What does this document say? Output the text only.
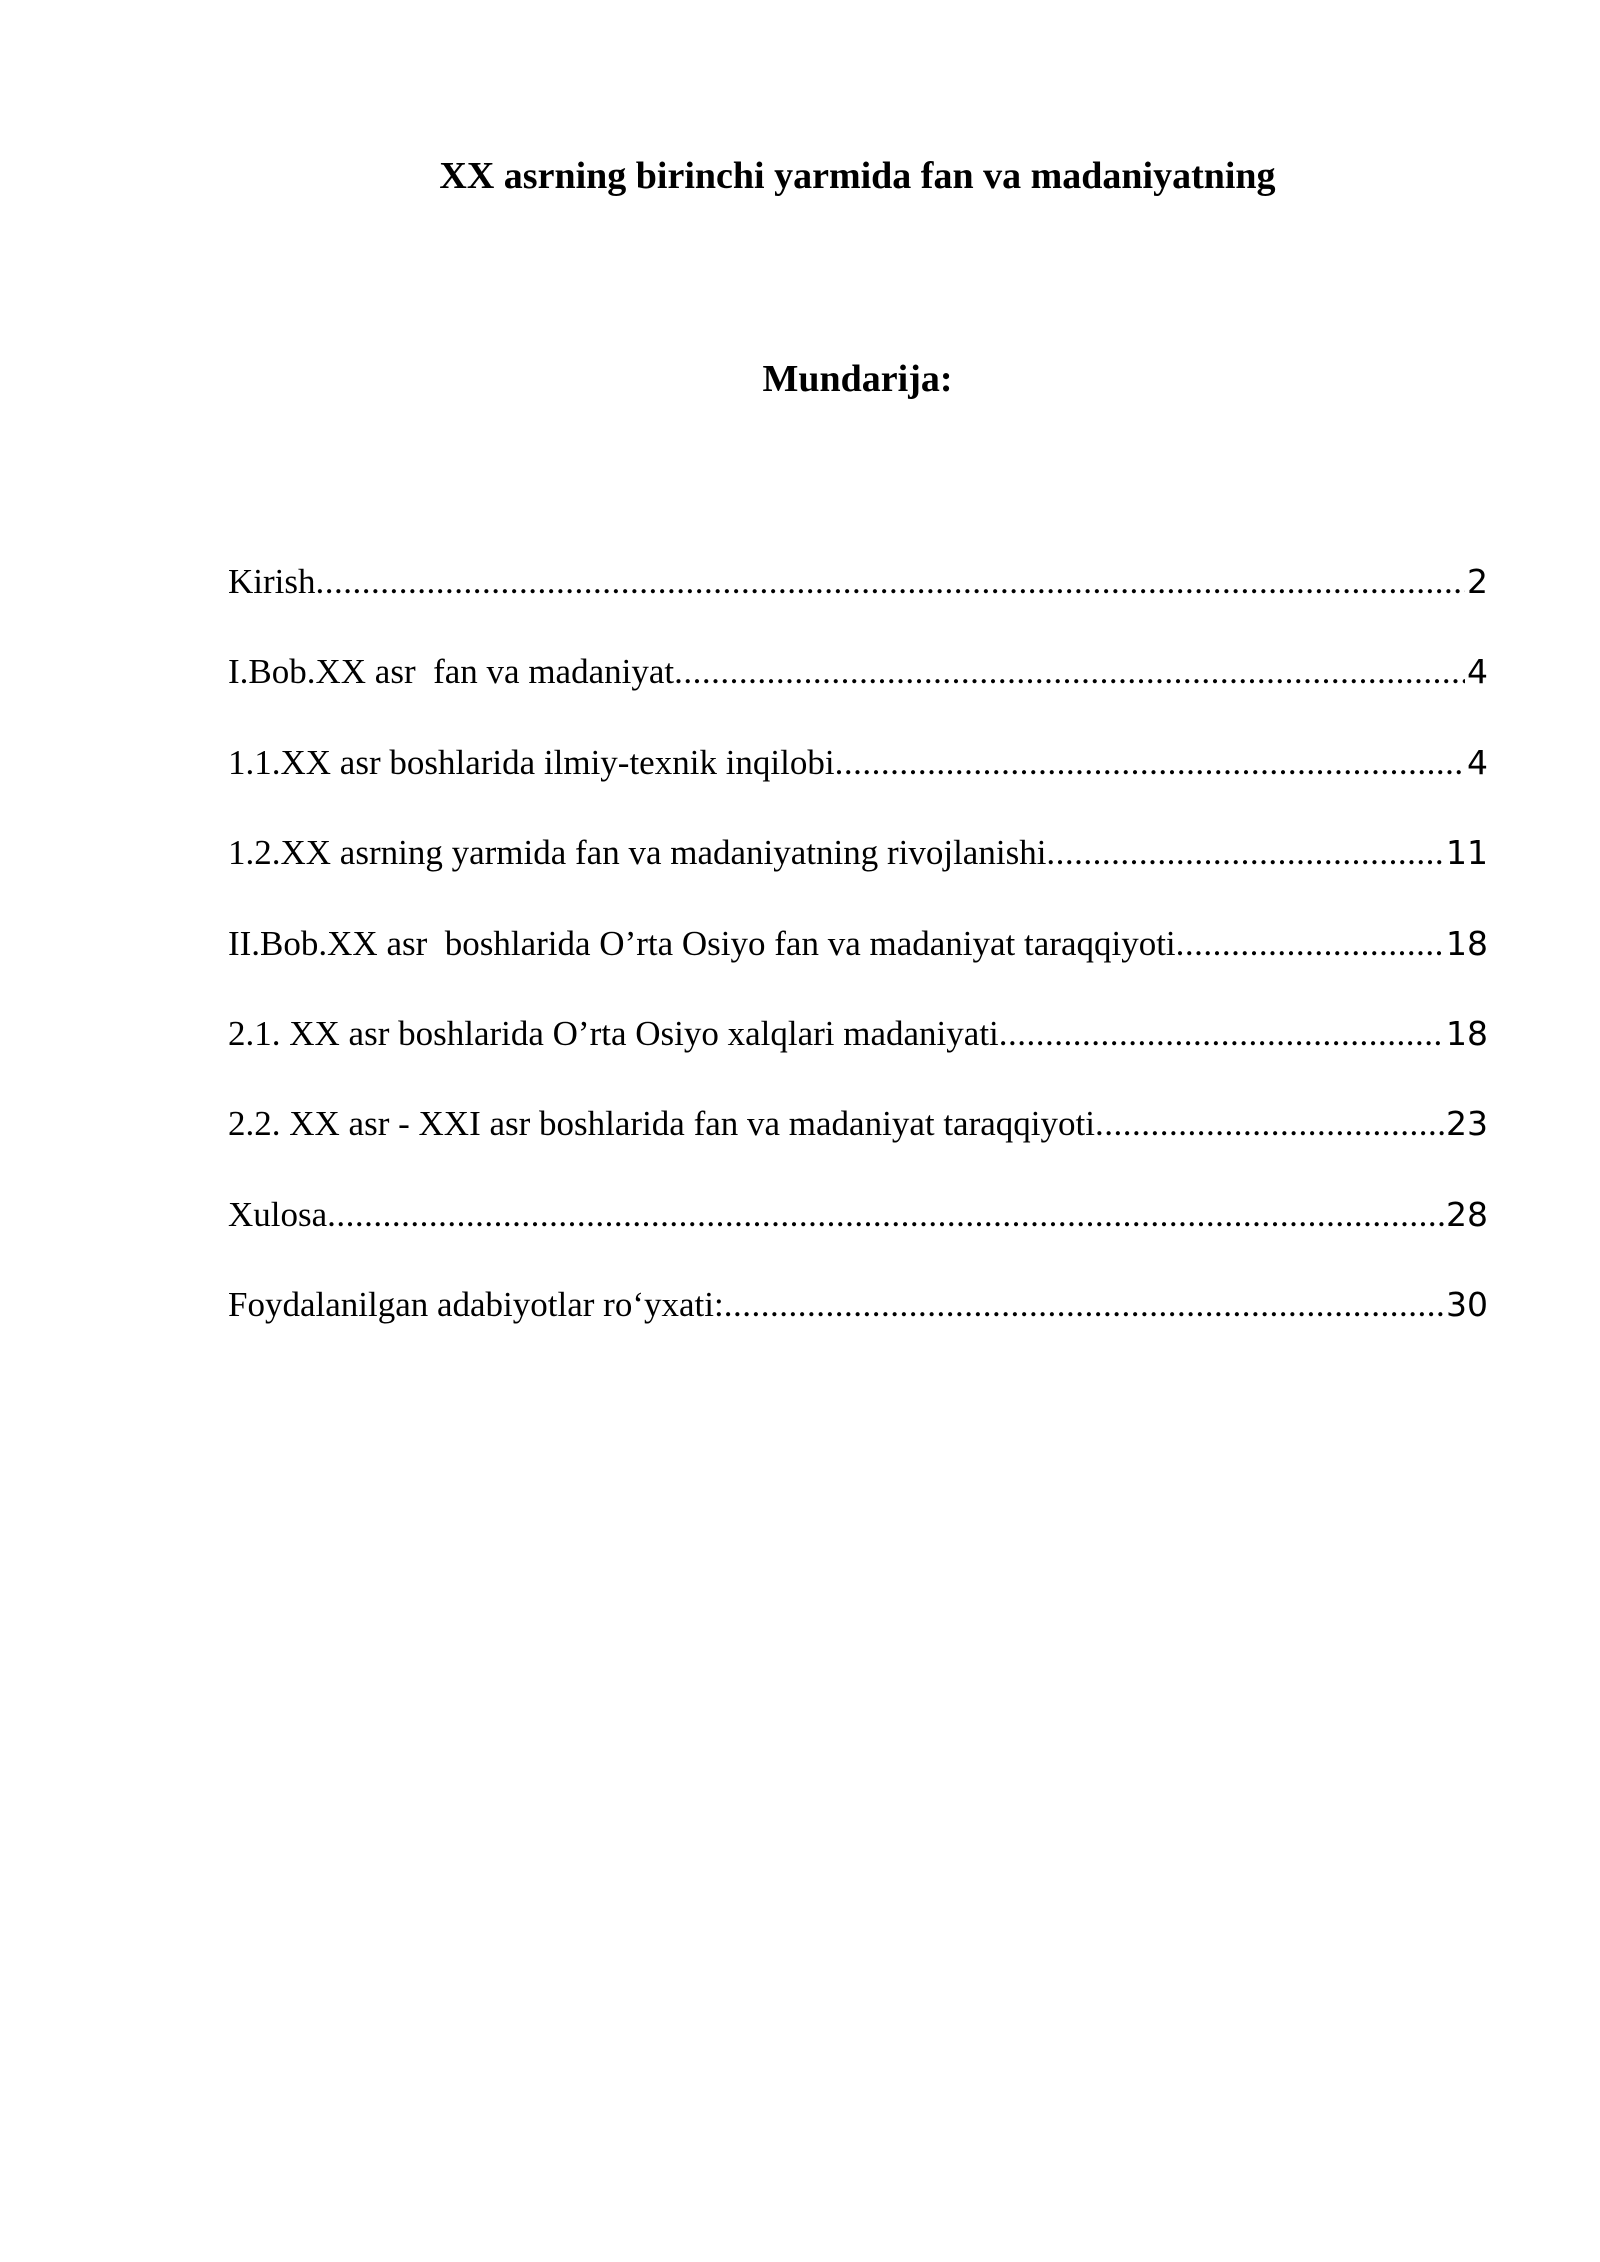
XX asrning birinchi yarmida fan va madaniyatning
Mundarija:
Kirish .....	2
I.Bob.XX asr  fan va madaniyat .....	4
1.1.XX asr boshlarida ilmiy-texnik inqilobi .....	4
1.2.XX asrning yarmida fan va madaniyatning rivojlanishi .....	11
II.Bob.XX asr  boshlarida O’rta Osiyo fan va madaniyat taraqqiyoti .....	18
2.1. XX asr boshlarida O’rta Osiyo xalqlari madaniyati .....	18
2.2. XX asr - XXI asr boshlarida fan va madaniyat taraqqiyoti .....	23
Xulosa .....	28
Foydalanilgan adabiyotlar ro‘yxati: .....	30
